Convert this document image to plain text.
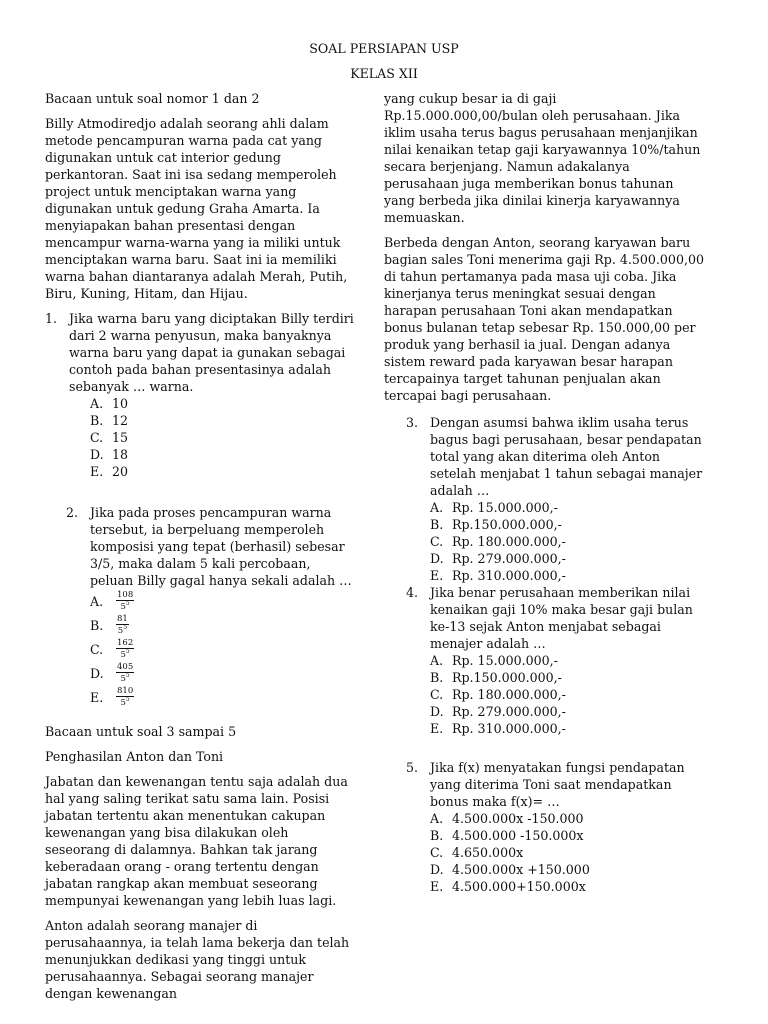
SOAL PERSIAPAN USP
KELAS XII

Bacaan untuk soal nomor 1 dan 2

Billy Atmodiredjo adalah seorang ahli dalam metode pencampuran warna pada cat yang digunakan untuk cat interior gedung perkantoran. Saat ini isa sedang memperoleh project untuk menciptakan warna yang digunakan untuk gedung Graha Amarta. Ia menyiapakan bahan presentasi dengan mencampur warna-warna yang ia miliki untuk menciptakan warna baru. Saat ini ia memiliki warna bahan diantaranya adalah Merah, Putih, Biru, Kuning, Hitam, dan Hijau.

1. Jika warna baru yang diciptakan Billy terdiri dari 2 warna penyusun, maka banyaknya warna baru yang dapat ia gunakan sebagai contoh pada bahan presentasinya adalah sebanyak … warna.
A. 10
B. 12
C. 15
D. 18
E. 20
2. Jika pada proses pencampuran warna tersebut, ia berpeluang memperoleh komposisi yang tepat (berhasil) sebesar 3/5, maka dalam 5 kali percobaan, peluan Billy gagal hanya sekali adalah …
A.	$\frac{108}{5^5}$
B.	$\frac{81}{5^5}$
C.	$\frac{162}{5^5}$
D.	$\frac{405}{5^5}$
E.	$\frac{810}{5^5}$

Bacaan untuk soal 3 sampai 5

Penghasilan Anton dan Toni

Jabatan dan kewenangan tentu saja adalah dua hal yang saling terikat satu sama lain. Posisi jabatan tertentu akan menentukan cakupan kewenangan yang bisa dilakukan oleh seseorang di dalamnya. Bahkan tak jarang keberadaan orang - orang tertentu dengan jabatan rangkap akan membuat seseorang mempunyai kewenangan yang lebih luas lagi.

Anton adalah seorang manajer di perusahaannya, ia telah lama bekerja dan telah menunjukkan dedikasi yang tinggi untuk perusahaannya. Sebagai seorang manajer dengan kewenangan

yang cukup besar ia di gaji Rp.15.000.000,00/bulan oleh perusahaan. Jika iklim usaha terus bagus perusahaan menjanjikan nilai kenaikan tetap gaji karyawannya 10%/tahun secara berjenjang. Namun adakalanya perusahaan juga memberikan bonus tahunan yang berbeda jika dinilai kinerja karyawannya memuaskan.

Berbeda dengan Anton, seorang karyawan baru bagian sales Toni menerima gaji Rp. 4.500.000,00 di tahun pertamanya pada masa uji coba. Jika kinerjanya terus meningkat sesuai dengan harapan perusahaan Toni akan mendapatkan bonus bulanan tetap sebesar Rp. 150.000,00 per produk yang berhasil ia jual. Dengan adanya sistem reward pada karyawan besar harapan tercapainya target tahunan penjualan akan tercapai bagi perusahaan.

3. Dengan asumsi bahwa iklim usaha terus bagus bagi perusahaan, besar pendapatan total yang akan diterima oleh Anton setelah menjabat 1 tahun sebagai manajer adalah …
A. Rp. 15.000.000,-
B. Rp.150.000.000,-
C. Rp. 180.000.000,-
D. Rp. 279.000.000,-
E. Rp. 310.000.000,-
4. Jika benar perusahaan memberikan nilai kenaikan gaji 10% maka besar gaji bulan ke-13 sejak Anton menjabat sebagai menajer adalah …
A. Rp. 15.000.000,-
B. Rp.150.000.000,-
C. Rp. 180.000.000,-
D. Rp. 279.000.000,-
E. Rp. 310.000.000,-
5. Jika f(x) menyatakan fungsi pendapatan yang diterima Toni saat mendapatkan bonus maka f(x)= …
A. 4.500.000x -150.000
B. 4.500.000 -150.000x
C. 4.650.000x
D. 4.500.000x +150.000
E. 4.500.000+150.000x
